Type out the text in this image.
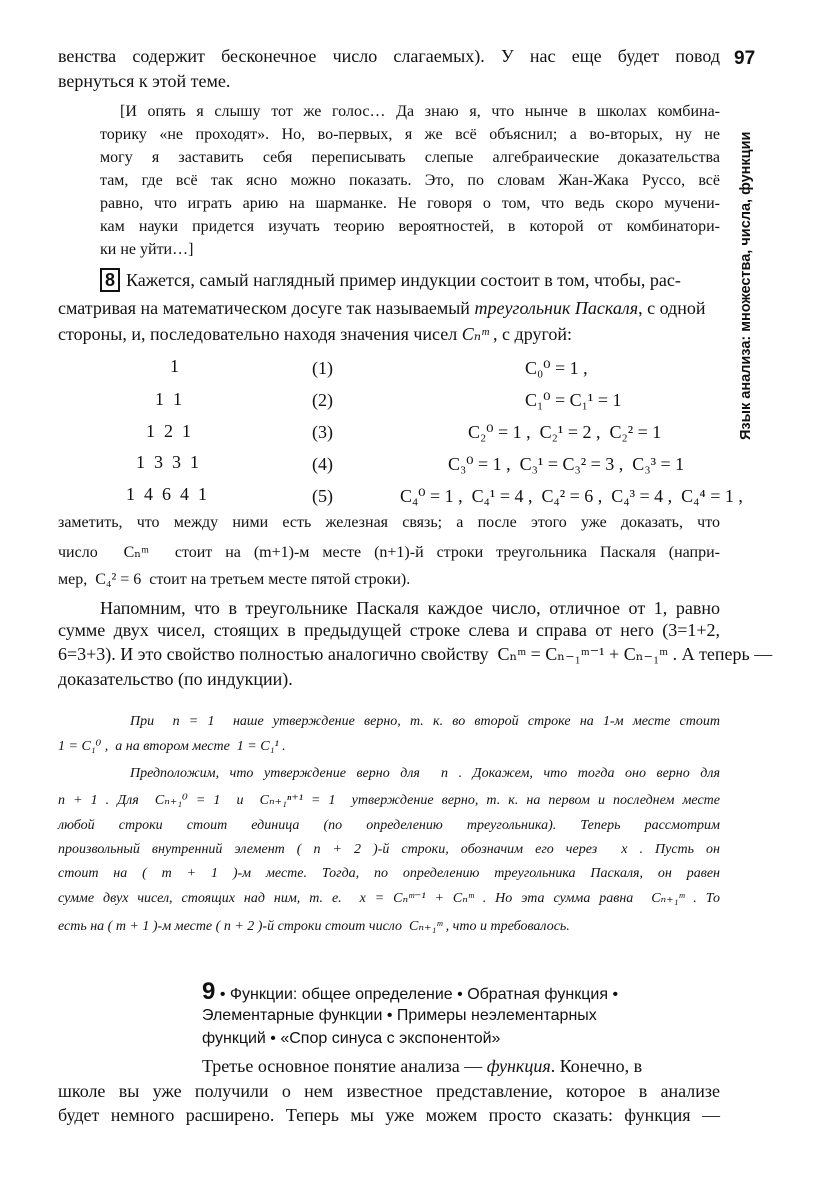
97
Язык анализа: множества, числа, функции
венства содержит бесконечное число слагаемых). У нас еще будет повод
вернуться к этой теме.
[И опять я слышу тот же голос… Да знаю я, что нынче в школах комбина-
торику «не проходят». Но, во-первых, я же всё объяснил; а во-вторых, ну не
могу я заставить себя переписывать слепые алгебраические доказательства
там, где всё так ясно можно показать. Это, по словам Жан-Жака Руссо, всё
равно, что играть арию на шарманке. Не говоря о том, что ведь скоро мучени-
кам науки придется изучать теорию вероятностей, в которой от комбинатори-
ки не уйти…]
8 Кажется, самый наглядный пример индукции состоит в том, чтобы, рас-
сматривая на математическом досуге так называемый треугольник Паскаля, с одной
стороны, и, последовательно находя значения чисел Cₙᵐ , с другой:
1
1  1
1  2  1
1  3  3  1
1  4  6  4  1
(1)
(2)
(3)
(4)
(5)
C₀⁰ = 1 ,
C₁⁰ = C₁¹ = 1
C₂⁰ = 1 ,  C₂¹ = 2 ,  C₂² = 1
C₃⁰ = 1 ,  C₃¹ = C₃² = 3 ,  C₃³ = 1
C₄⁰ = 1 ,  C₄¹ = 4 ,  C₄² = 6 ,  C₄³ = 4 ,  C₄⁴ = 1 ,
заметить, что между ними есть железная связь; а после этого уже доказать, что
число  Cₙᵐ  стоит на (m+1)-м месте (n+1)-й строки треугольника Паскаля (напри-
мер,  C₄² = 6  стоит на третьем месте пятой строки).
Напомним, что в треугольнике Паскаля каждое число, отличное от 1, равно
сумме двух чисел, стоящих в предыдущей строке слева и справа от него (3=1+2,
6=3+3). И это свойство полностью аналогично свойству  Cₙᵐ = Cₙ₋₁ᵐ⁻¹ + Cₙ₋₁ᵐ . А теперь —
доказательство (по индукции).
При  n = 1  наше утверждение верно, т. к. во второй строке на 1-м месте стоит
1 = C₁⁰ ,  а на втором месте  1 = C₁¹ .
Предположим, что утверждение верно для  n . Докажем, что тогда оно верно для
n + 1 . Для  Cₙ₊₁⁰ = 1  и  Cₙ₊₁ⁿ⁺¹ = 1  утверждение верно, т. к. на первом и последнем месте
любой строки стоит единица (по определению треугольника). Теперь рассмотрим
произвольный внутренний элемент ( n + 2 )-й строки, обозначим его через  x . Пусть он
стоит на ( m + 1 )-м месте. Тогда, по определению треугольника Паскаля, он равен
сумме двух чисел, стоящих над ним, т. е.  x = Cₙᵐ⁻¹ + Cₙᵐ . Но эта сумма равна  Cₙ₊₁ᵐ . То
есть на ( m + 1 )-м месте ( n + 2 )-й строки стоит число  Cₙ₊₁ᵐ , что и требовалось.
9 • Функции: общее определение • Обратная функция •
Элементарные функции • Примеры неэлементарных
функций • «Спор синуса с экспонентой»
Третье основное понятие анализа — функция. Конечно, в
школе вы уже получили о нем известное представление, которое в анализе
будет немного расширено. Теперь мы уже можем просто сказать: функция —
